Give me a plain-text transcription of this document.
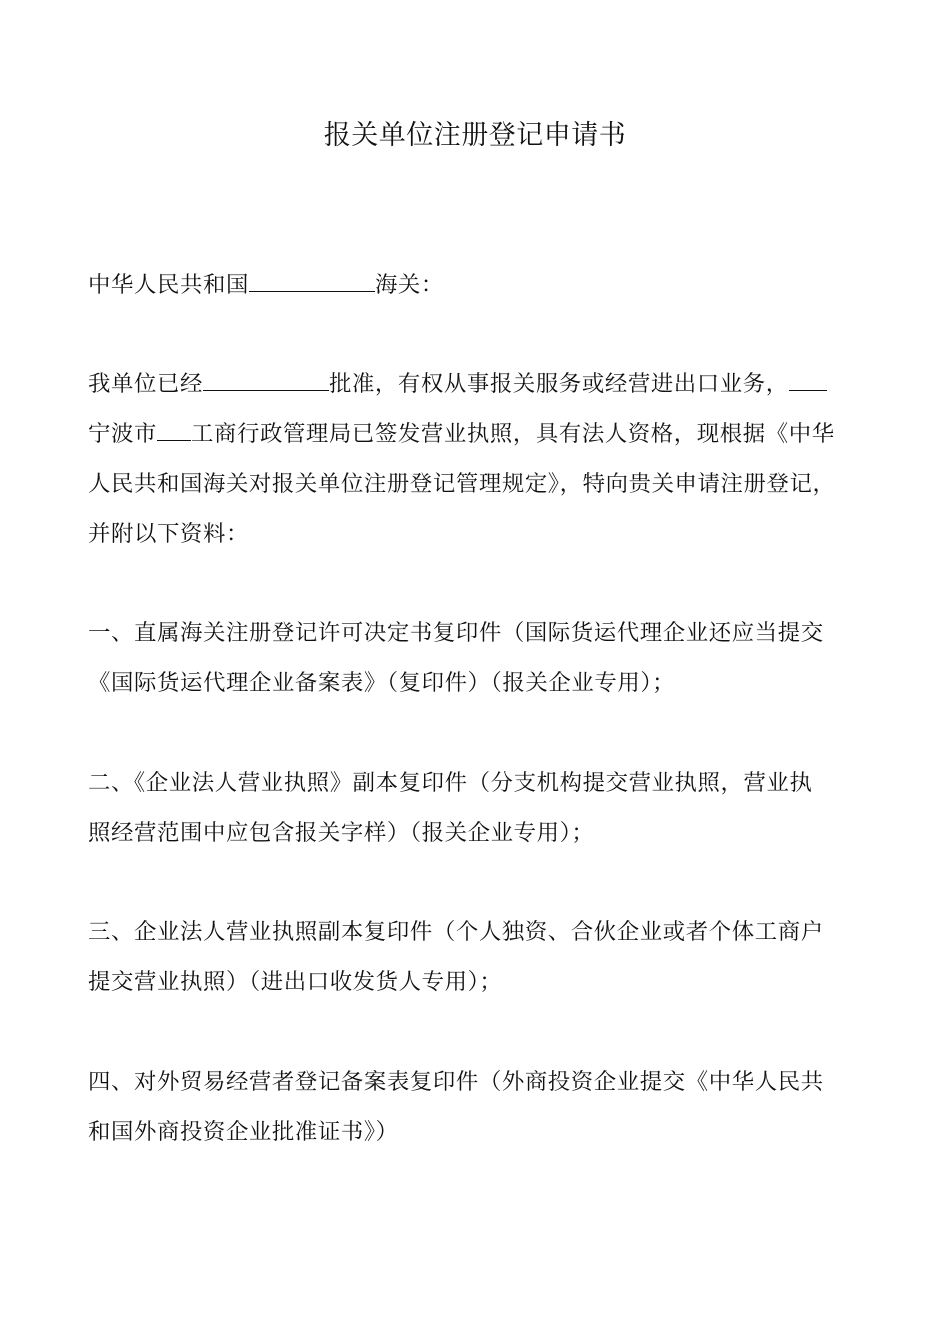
报关单位注册登记申请书

中华人民共和国	海关：

我单位已经	批准，有权从事报关服务或经营进出口业务，
宁波市 工商行政管理局已签发营业执照，具有法人资格，现根据《中华
人民共和国海关对报关单位注册登记管理规定》，特向贵关申请注册登记，
并附以下资料：

一、直属海关注册登记许可决定书复印件（国际货运代理企业还应当提交
《国际货运代理企业备案表》（复印件）（报关企业专用）；

二、《企业法人营业执照》副本复印件（分支机构提交营业执照，营业执
照经营范围中应包含报关字样）（报关企业专用）；

三、企业法人营业执照副本复印件（个人独资、合伙企业或者个体工商户
提交营业执照）（进出口收发货人专用）；

四、对外贸易经营者登记备案表复印件（外商投资企业提交《中华人民共
和国外商投资企业批准证书》）
